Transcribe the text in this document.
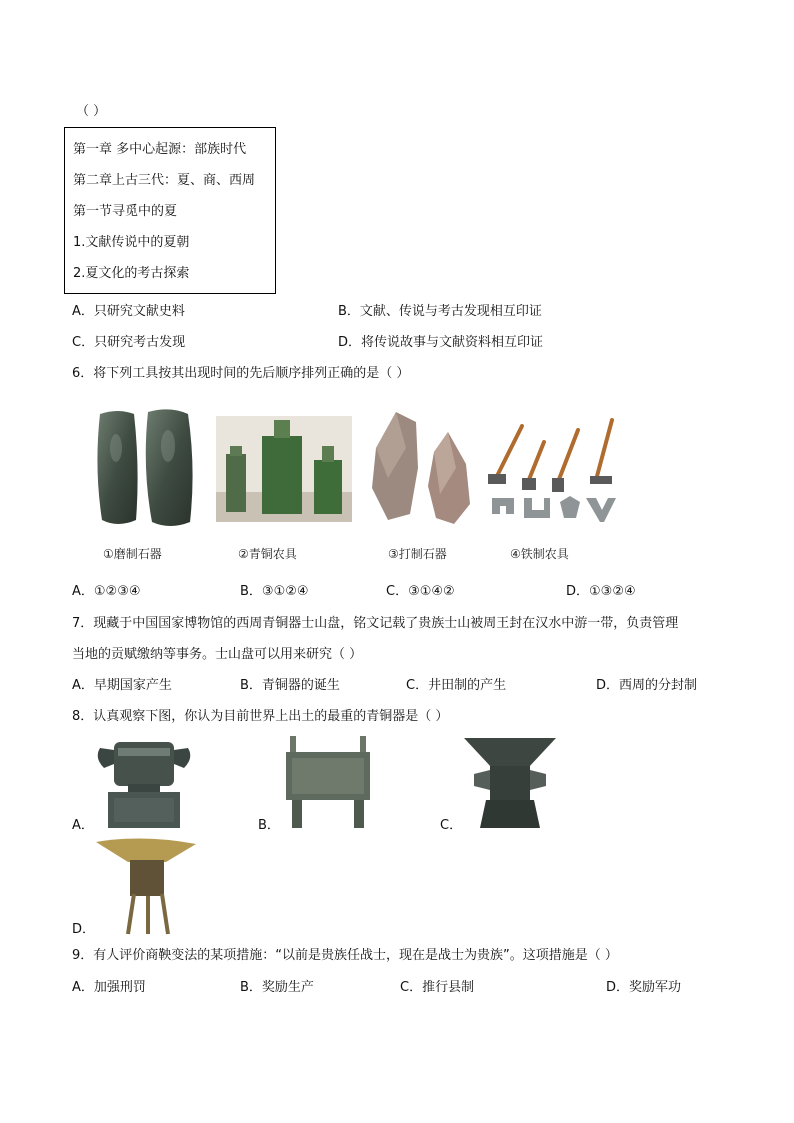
（ ）
第一章 多中心起源：部族时代
第二章上古三代：夏、商、西周
第一节寻觅中的夏
1.文献传说中的夏朝
2.夏文化的考古探索
A．只研究文献史料	B．文献、传说与考古发现相互印证
C．只研究考古发现	D．将传说故事与文献资料相互印证
6．将下列工具按其出现时间的先后顺序排列正确的是（ ）
①磨制石器	②青铜农具	③打制石器	④铁制农具
A．①②③④	B．③①②④	C．③①④②	D．①③②④
7．现藏于中国国家博物馆的西周青铜器士山盘，铭文记载了贵族士山被周王封在汉水中游一带，负责管理
当地的贡赋缴纳等事务。士山盘可以用来研究（ ）
A．早期国家产生	B．青铜器的诞生	C．井田制的产生	D．西周的分封制
8．认真观察下图，你认为目前世界上出土的最重的青铜器是（ ）
A．	B．	C．
D．
9．有人评价商鞅变法的某项措施：“以前是贵族任战士，现在是战士为贵族”。这项措施是（ ）
A．加强刑罚	B．奖励生产	C．推行县制	D．奖励军功
